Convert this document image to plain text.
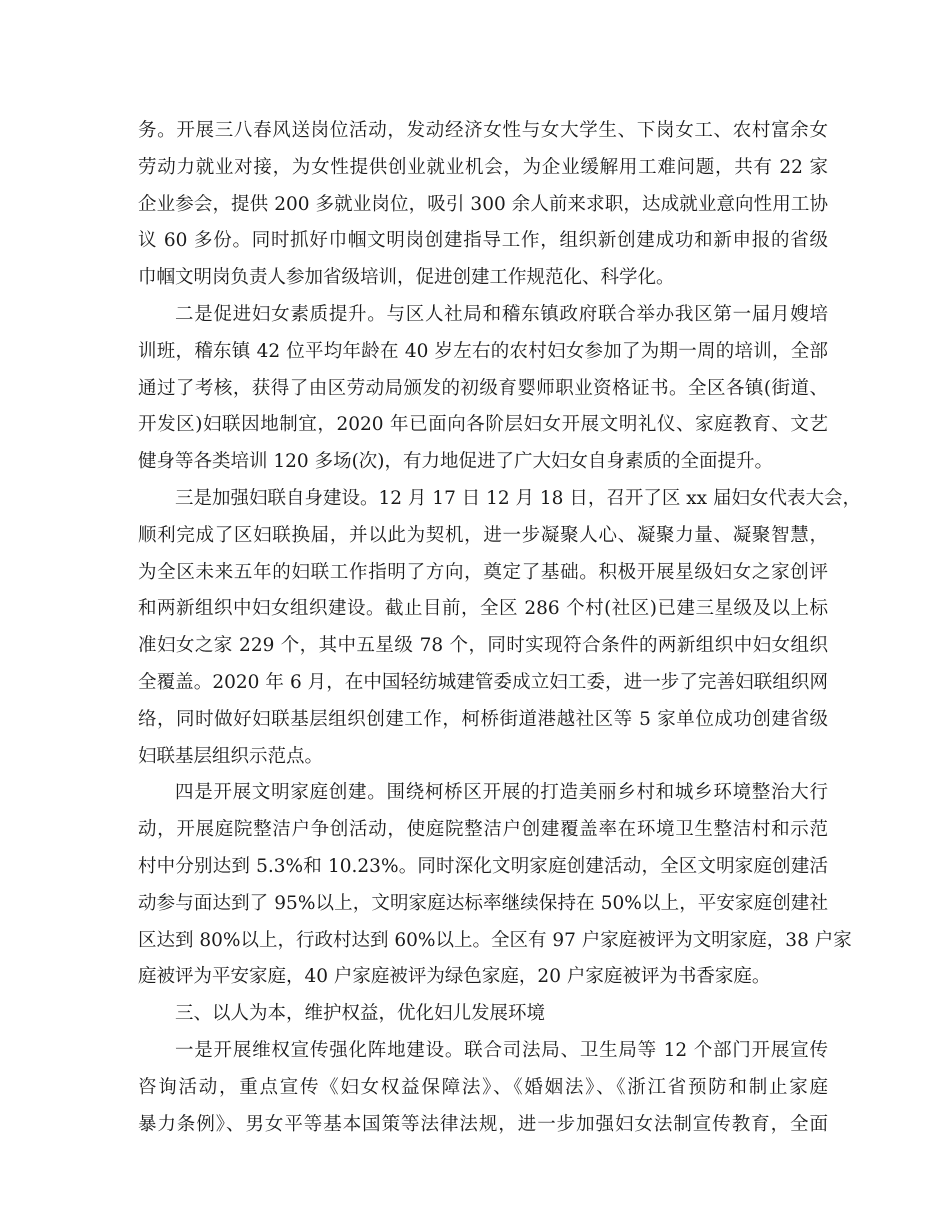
务。开展三八春风送岗位活动，发动经济女性与女大学生、下岗女工、农村富余女
劳动力就业对接，为女性提供创业就业机会，为企业缓解用工难问题，共有 22 家
企业参会，提供 200 多就业岗位，吸引 300 余人前来求职，达成就业意向性用工协
议 60 多份。同时抓好巾帼文明岗创建指导工作，组织新创建成功和新申报的省级
巾帼文明岗负责人参加省级培训，促进创建工作规范化、科学化。
二是促进妇女素质提升。与区人社局和稽东镇政府联合举办我区第一届月嫂培
训班，稽东镇 42 位平均年龄在 40 岁左右的农村妇女参加了为期一周的培训，全部
通过了考核，获得了由区劳动局颁发的初级育婴师职业资格证书。全区各镇(街道、
开发区)妇联因地制宜，2020 年已面向各阶层妇女开展文明礼仪、家庭教育、文艺
健身等各类培训 120 多场(次)，有力地促进了广大妇女自身素质的全面提升。
三是加强妇联自身建设。12 月 17 日 12 月 18 日，召开了区 xx 届妇女代表大会，
顺利完成了区妇联换届，并以此为契机，进一步凝聚人心、凝聚力量、凝聚智慧，
为全区未来五年的妇联工作指明了方向，奠定了基础。积极开展星级妇女之家创评
和两新组织中妇女组织建设。截止目前，全区 286 个村(社区)已建三星级及以上标
准妇女之家 229 个，其中五星级 78 个，同时实现符合条件的两新组织中妇女组织
全覆盖。2020 年 6 月，在中国轻纺城建管委成立妇工委，进一步了完善妇联组织网
络，同时做好妇联基层组织创建工作，柯桥街道港越社区等 5 家单位成功创建省级
妇联基层组织示范点。
四是开展文明家庭创建。围绕柯桥区开展的打造美丽乡村和城乡环境整治大行
动，开展庭院整洁户争创活动，使庭院整洁户创建覆盖率在环境卫生整洁村和示范
村中分别达到 5.3%和 10.23%。同时深化文明家庭创建活动，全区文明家庭创建活
动参与面达到了 95%以上，文明家庭达标率继续保持在 50%以上，平安家庭创建社
区达到 80%以上，行政村达到 60%以上。全区有 97 户家庭被评为文明家庭，38 户家
庭被评为平安家庭，40 户家庭被评为绿色家庭，20 户家庭被评为书香家庭。
三、以人为本，维护权益，优化妇儿发展环境
一是开展维权宣传强化阵地建设。联合司法局、卫生局等 12 个部门开展宣传
咨询活动，重点宣传《妇女权益保障法》、《婚姻法》、《浙江省预防和制止家庭
暴力条例》、男女平等基本国策等法律法规，进一步加强妇女法制宣传教育，全面
